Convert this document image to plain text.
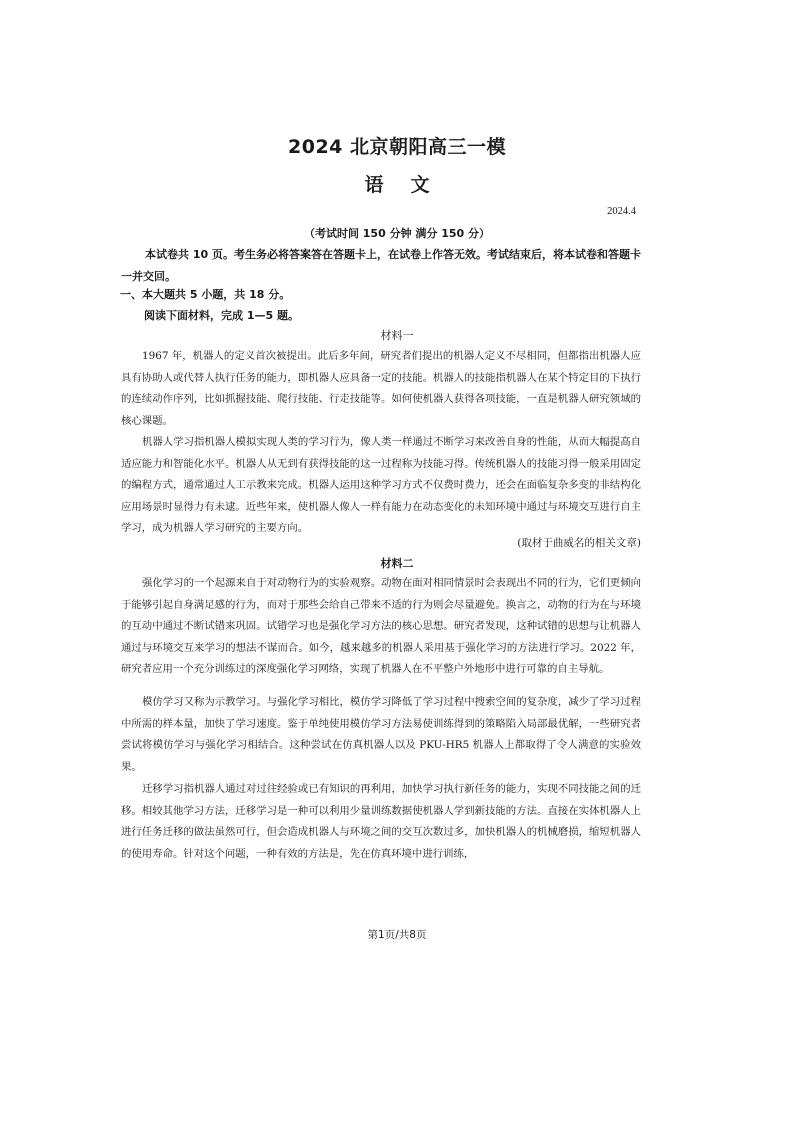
2024 北京朝阳高三一模
语 文
2024.4
（考试时间 150 分钟 满分 150 分）
本试卷共 10 页。考生务必将答案答在答题卡上，在试卷上作答无效。考试结束后，将本试卷和答题卡一并交回。
一、本大题共 5 小题，共 18 分。
阅读下面材料，完成 1—5 题。
材料一

1967 年，机器人的定义首次被提出。此后多年间，研究者们提出的机器人定义不尽相同，但都指出机器人应具有协助人或代替人执行任务的能力，即机器人应具备一定的技能。机器人的技能指机器人在某个特定目的下执行的连续动作序列，比如抓握技能、爬行技能、行走技能等。如何使机器人获得各项技能，一直是机器人研究领域的核心课题。

机器人学习指机器人模拟实现人类的学习行为，像人类一样通过不断学习来改善自身的性能，从而大幅提高自适应能力和智能化水平。机器人从无到有获得技能的这一过程称为技能习得。传统机器人的技能习得一般采用固定的编程方式，通常通过人工示教来完成。机器人运用这种学习方式不仅费时费力，还会在面临复杂多变的非结构化应用场景时显得力有未逮。近些年来，使机器人像人一样有能力在动态变化的未知环境中通过与环境交互进行自主学习，成为机器人学习研究的主要方向。

(取材于曲威名的相关文章)
材料二

强化学习的一个起源来自于对动物行为的实验观察。动物在面对相同情景时会表现出不同的行为，它们更倾向于能够引起自身满足感的行为，而对于那些会给自己带来不适的行为则会尽量避免。换言之，动物的行为在与环境的互动中通过不断试错来巩固。试错学习也是强化学习方法的核心思想。研究者发现，这种试错的思想与让机器人通过与环境交互来学习的想法不谋而合。如今，越来越多的机器人采用基于强化学习的方法进行学习。2022 年，研究者应用一个充分训练过的深度强化学习网络，实现了机器人在不平整户外地形中进行可靠的自主导航。

模仿学习又称为示教学习。与强化学习相比，模仿学习降低了学习过程中搜索空间的复杂度，减少了学习过程中所需的样本量，加快了学习速度。鉴于单纯使用模仿学习方法易使训练得到的策略陷入局部最优解，一些研究者尝试将模仿学习与强化学习相结合。这种尝试在仿真机器人以及 PKU-HR5 机器人上都取得了令人满意的实验效果。

迁移学习指机器人通过对过往经验或已有知识的再利用，加快学习执行新任务的能力，实现不同技能之间的迁移。相较其他学习方法，迁移学习是一种可以利用少量训练数据使机器人学到新技能的方法。直接在实体机器人上进行任务迁移的做法虽然可行，但会造成机器人与环境之间的交互次数过多，加快机器人的机械磨损，缩短机器人的使用寿命。针对这个问题，一种有效的方法是，先在仿真环境中进行训练，

第1页/共8页
